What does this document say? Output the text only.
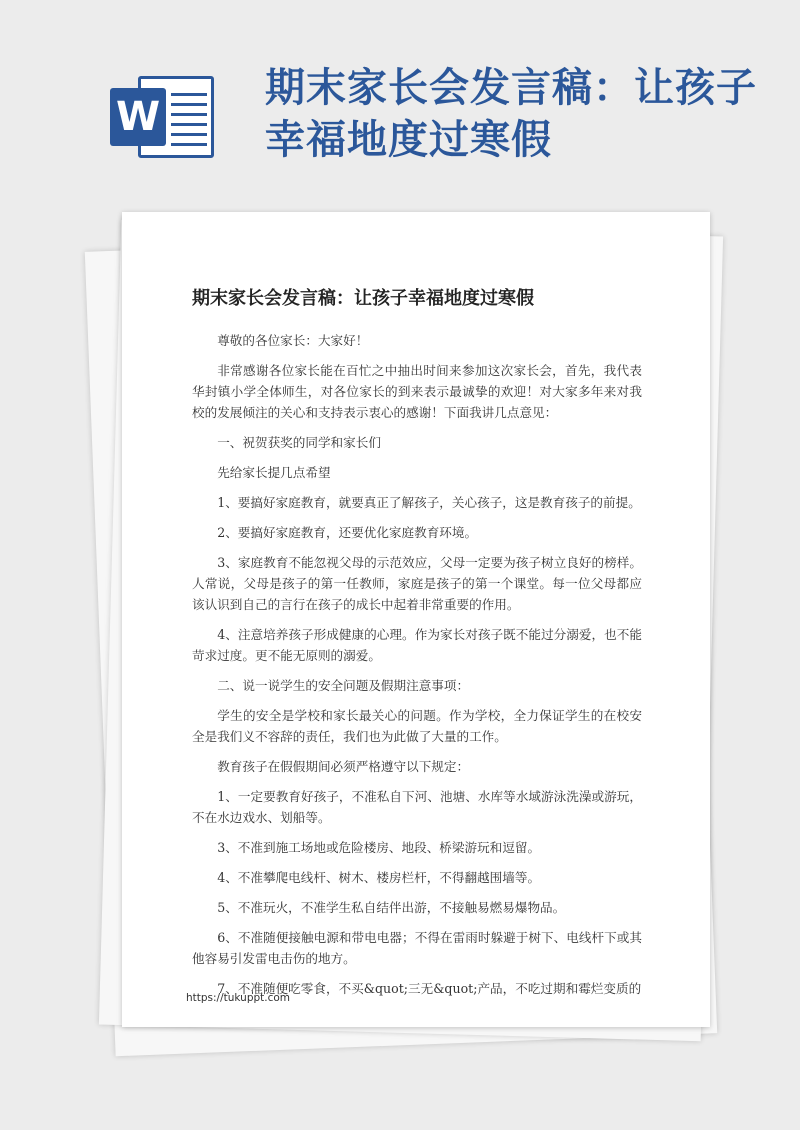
W
期末家长会发言稿：让孩子幸福地度过寒假
期末家长会发言稿：让孩子幸福地度过寒假

尊敬的各位家长：大家好！

非常感谢各位家长能在百忙之中抽出时间来参加这次家长会，首先，我代表华封镇小学全体师生，对各位家长的到来表示最诚挚的欢迎！对大家多年来对我校的发展倾注的关心和支持表示衷心的感谢！下面我讲几点意见：

一、祝贺获奖的同学和家长们

先给家长提几点希望

1、要搞好家庭教育，就要真正了解孩子，关心孩子，这是教育孩子的前提。

2、要搞好家庭教育，还要优化家庭教育环境。

3、家庭教育不能忽视父母的示范效应，父母一定要为孩子树立良好的榜样。人常说，父母是孩子的第一任教师，家庭是孩子的第一个课堂。每一位父母都应该认识到自己的言行在孩子的成长中起着非常重要的作用。

4、注意培养孩子形成健康的心理。作为家长对孩子既不能过分溺爱，也不能苛求过度。更不能无原则的溺爱。

二、说一说学生的安全问题及假期注意事项：

学生的安全是学校和家长最关心的问题。作为学校，全力保证学生的在校安全是我们义不容辞的责任，我们也为此做了大量的工作。

教育孩子在假假期间必须严格遵守以下规定：

1、一定要教育好孩子，不准私自下河、池塘、水库等水域游泳洗澡或游玩，不在水边戏水、划船等。

3、不准到施工场地或危险楼房、地段、桥梁游玩和逗留。

4、不准攀爬电线杆、树木、楼房栏杆，不得翻越围墙等。

5、不准玩火，不准学生私自结伴出游，不接触易燃易爆物品。

6、不准随便接触电源和带电电器；不得在雷雨时躲避于树下、电线杆下或其他容易引发雷电击伤的地方。

7、不准随便吃零食，不买&quot;三无&quot;产品，不吃过期和霉烂变质的

https://tukuppt.com
